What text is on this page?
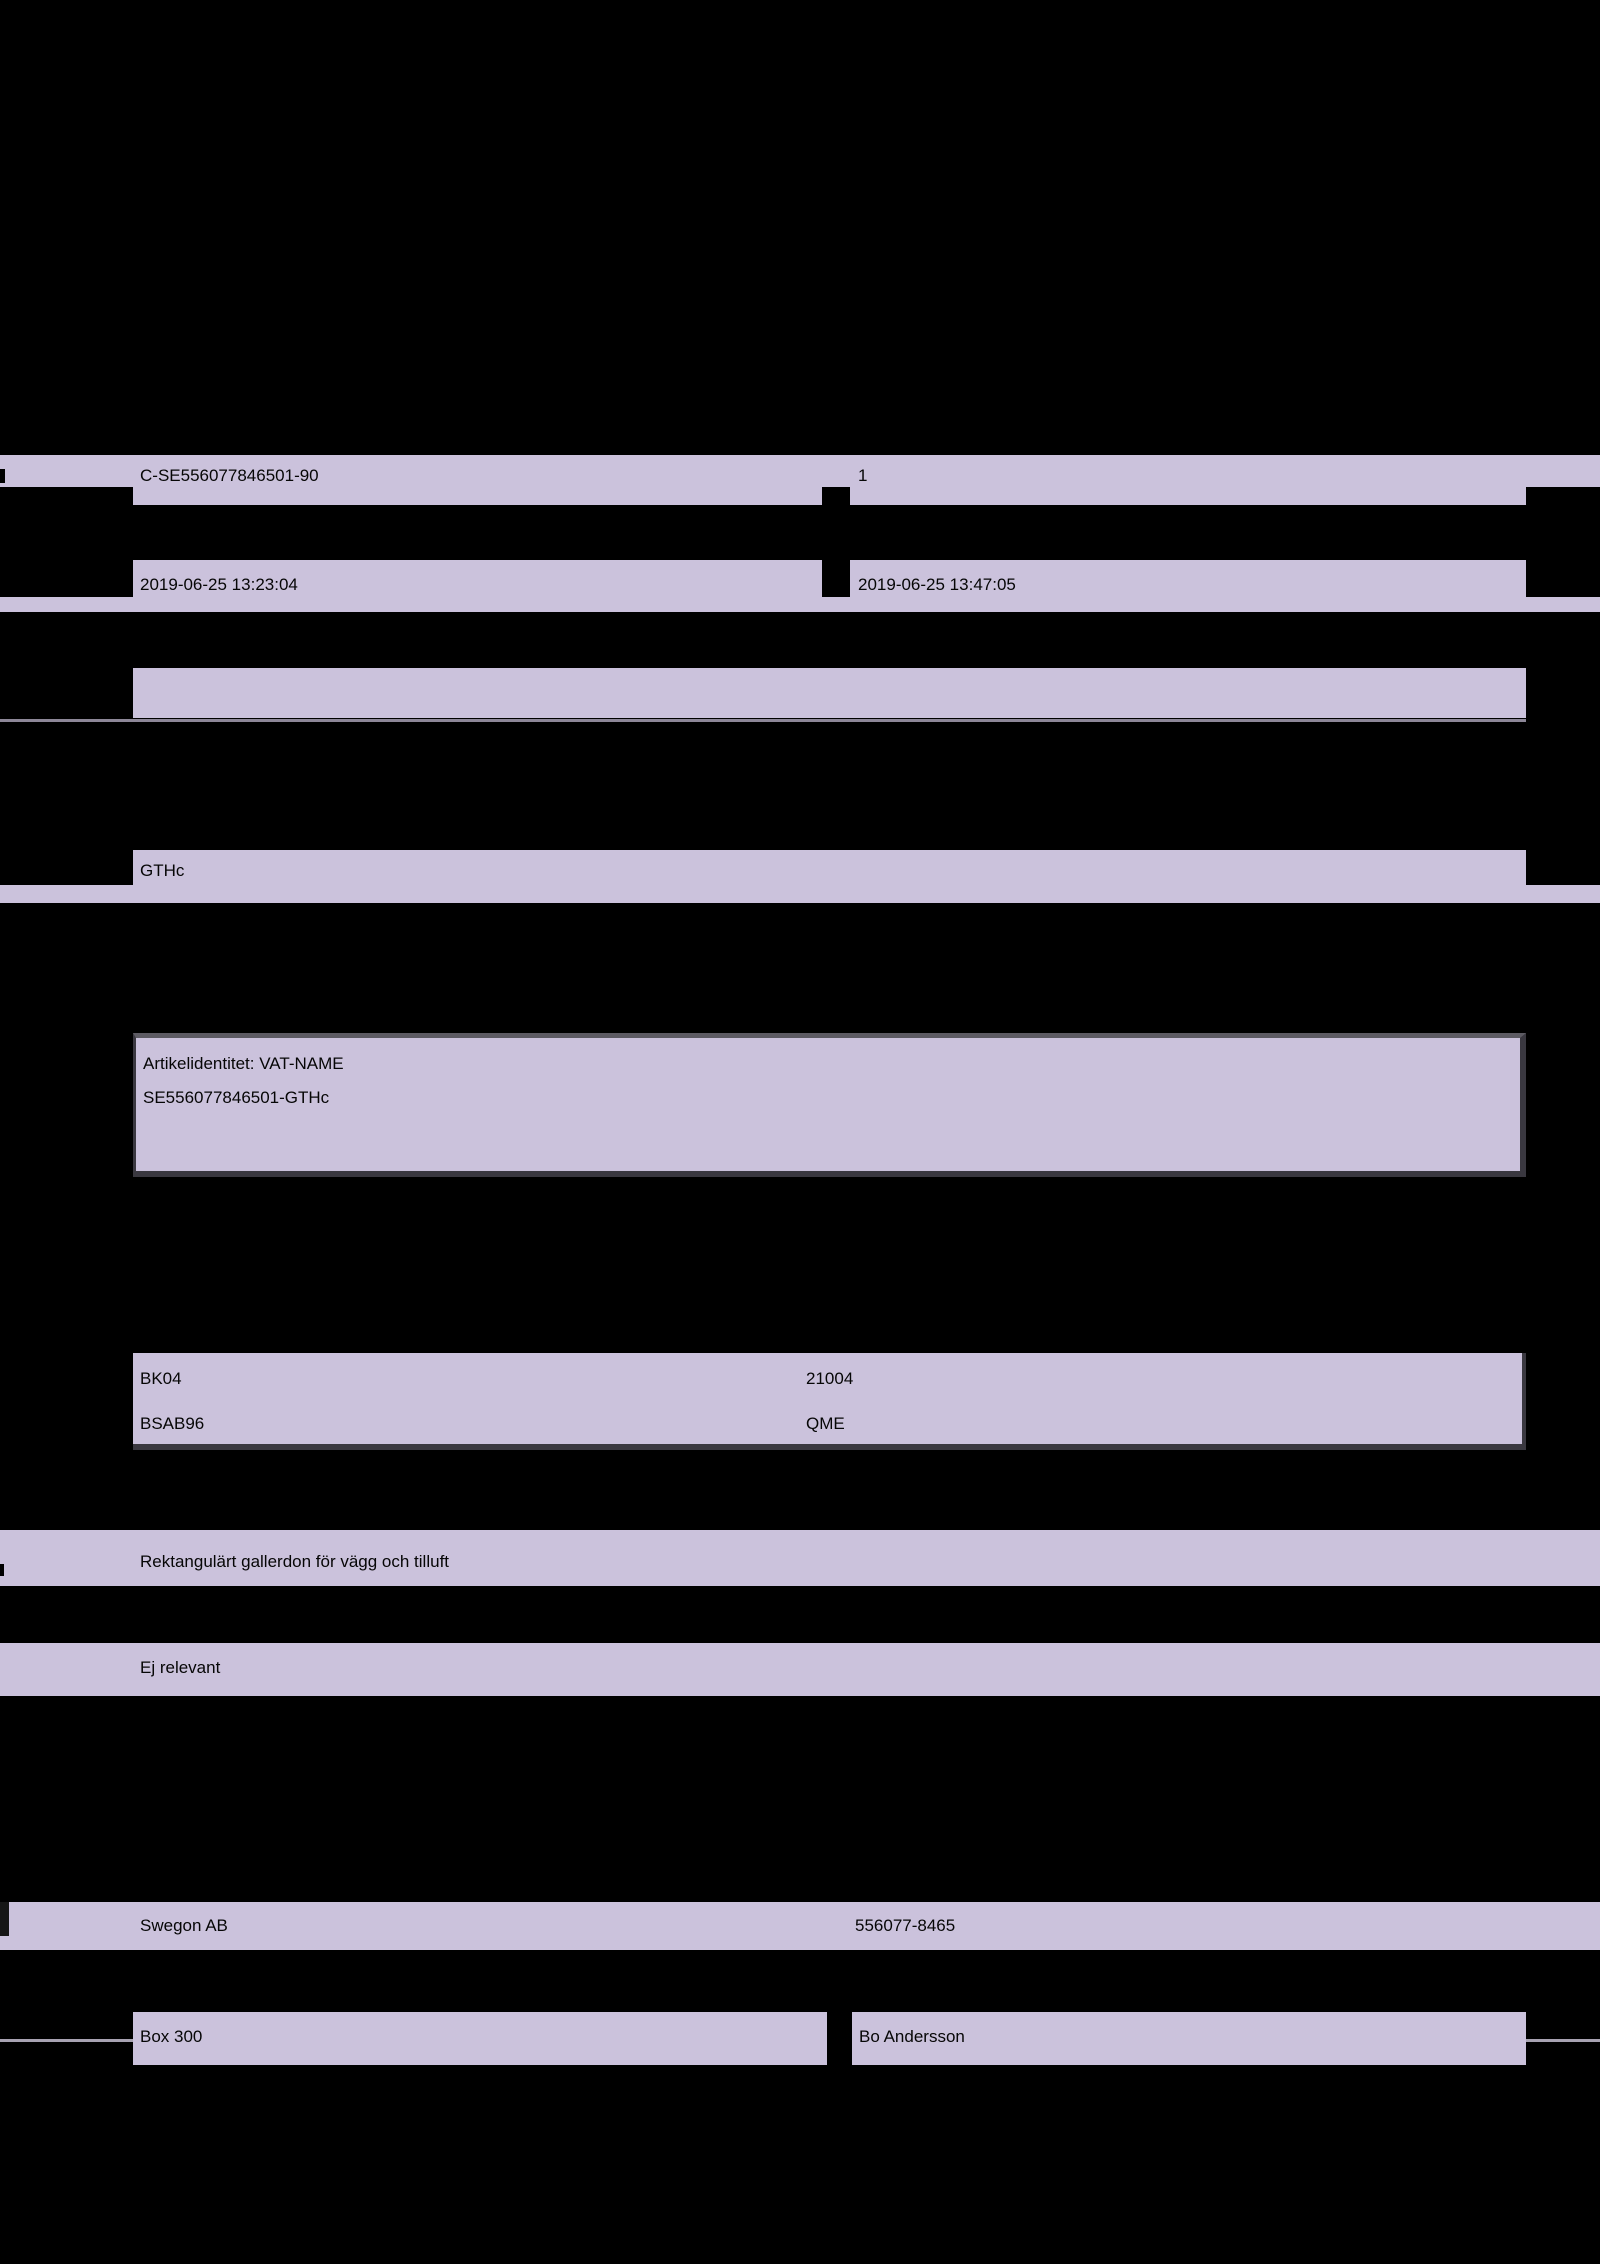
C-SE556077846501-90	1
2019-06-25 13:23:04	2019-06-25 13:47:05
GTHc
Artikelidentitet: VAT-NAME
SE556077846501-GTHc
BK04	21004
BSAB96	QME
Rektangulärt gallerdon för vägg och tilluft
Ej relevant
Swegon AB	556077-8465
Box 300	Bo Andersson
